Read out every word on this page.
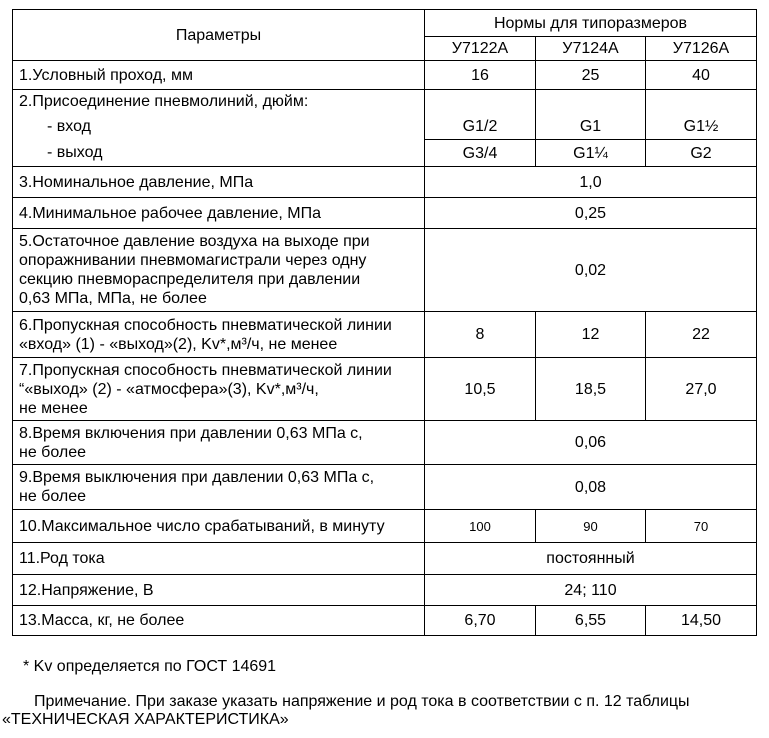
Параметры	Нормы для типоразмеров		
	У7122А	У7124А	У7126А
1.Условный проход, мм	16	25	40
2.Присоединение пневмолиний, дюйм:			
- вход	G1/2	G1	G1½
- выход	G3/4	G1¼	G2
3.Номинальное давление, МПа	1,0		
4.Минимальное рабочее давление, МПа	0,25		

5.Остаточное давление воздуха на выходе при
опоражнивании пневмомагистрали через одну
секцию пневмораспределителя при давлении
0,63 МПа, МПа, не более	0,02		

6.Пропускная способность пневматической линии
«вход» (1) - «выход»(2), Kv*,м³/ч, не менее	8	12	22

7.Пропускная способность пневматической линии
“«выход» (2) - «атмосфера»(3), Kv*,м³/ч,
не менее	10,5	18,5	27,0

8.Время включения при давлении 0,63 МПа с,
не более	0,06		

9.Время выключения при давлении 0,63 МПа с,
не более	0,08		
10.Максимальное число срабатываний, в минуту	100	90	70
11.Род тока	постоянный		
12.Напряжение, В	24; 110		
13.Масса, кг, не более	6,70	6,55	14,50
* Kv определяется по ГОСТ 14691
Примечание. При заказе указать напряжение и род тока в соответствии с п. 12 таблицы
«ТЕХНИЧЕСКАЯ ХАРАКТЕРИСТИКА»
